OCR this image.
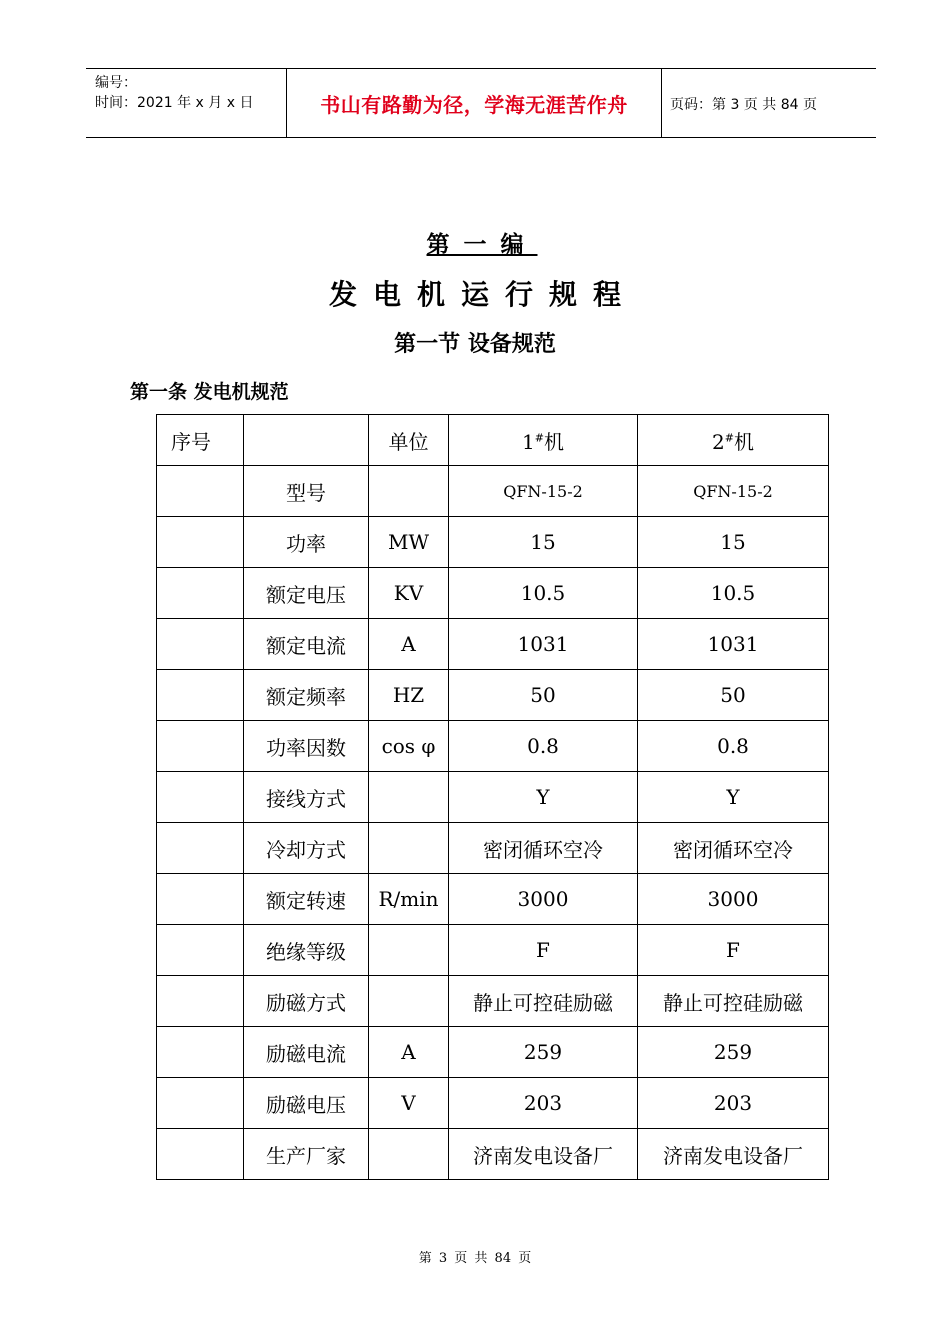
编号：
时间：2021 年 x 月 x 日	书山有路勤为径，学海无涯苦作舟	页码：第 3 页 共 84 页
第一编
发电机运行规程
第一节 设备规范
第一条 发电机规范
序号		单位	1#机	2#机
	型号		QFN-15-2	QFN-15-2
	功率	MW	15	15
	额定电压	KV	10.5	10.5
	额定电流	A	1031	1031
	额定频率	HZ	50	50
	功率因数	cos φ	0.8	0.8
	接线方式		Y	Y
	冷却方式		密闭循环空冷	密闭循环空冷
	额定转速	R/min	3000	3000
	绝缘等级		F	F
	励磁方式		静止可控硅励磁	静止可控硅励磁
	励磁电流	A	259	259
	励磁电压	V	203	203
	生产厂家		济南发电设备厂	济南发电设备厂
第 3 页 共 84 页
